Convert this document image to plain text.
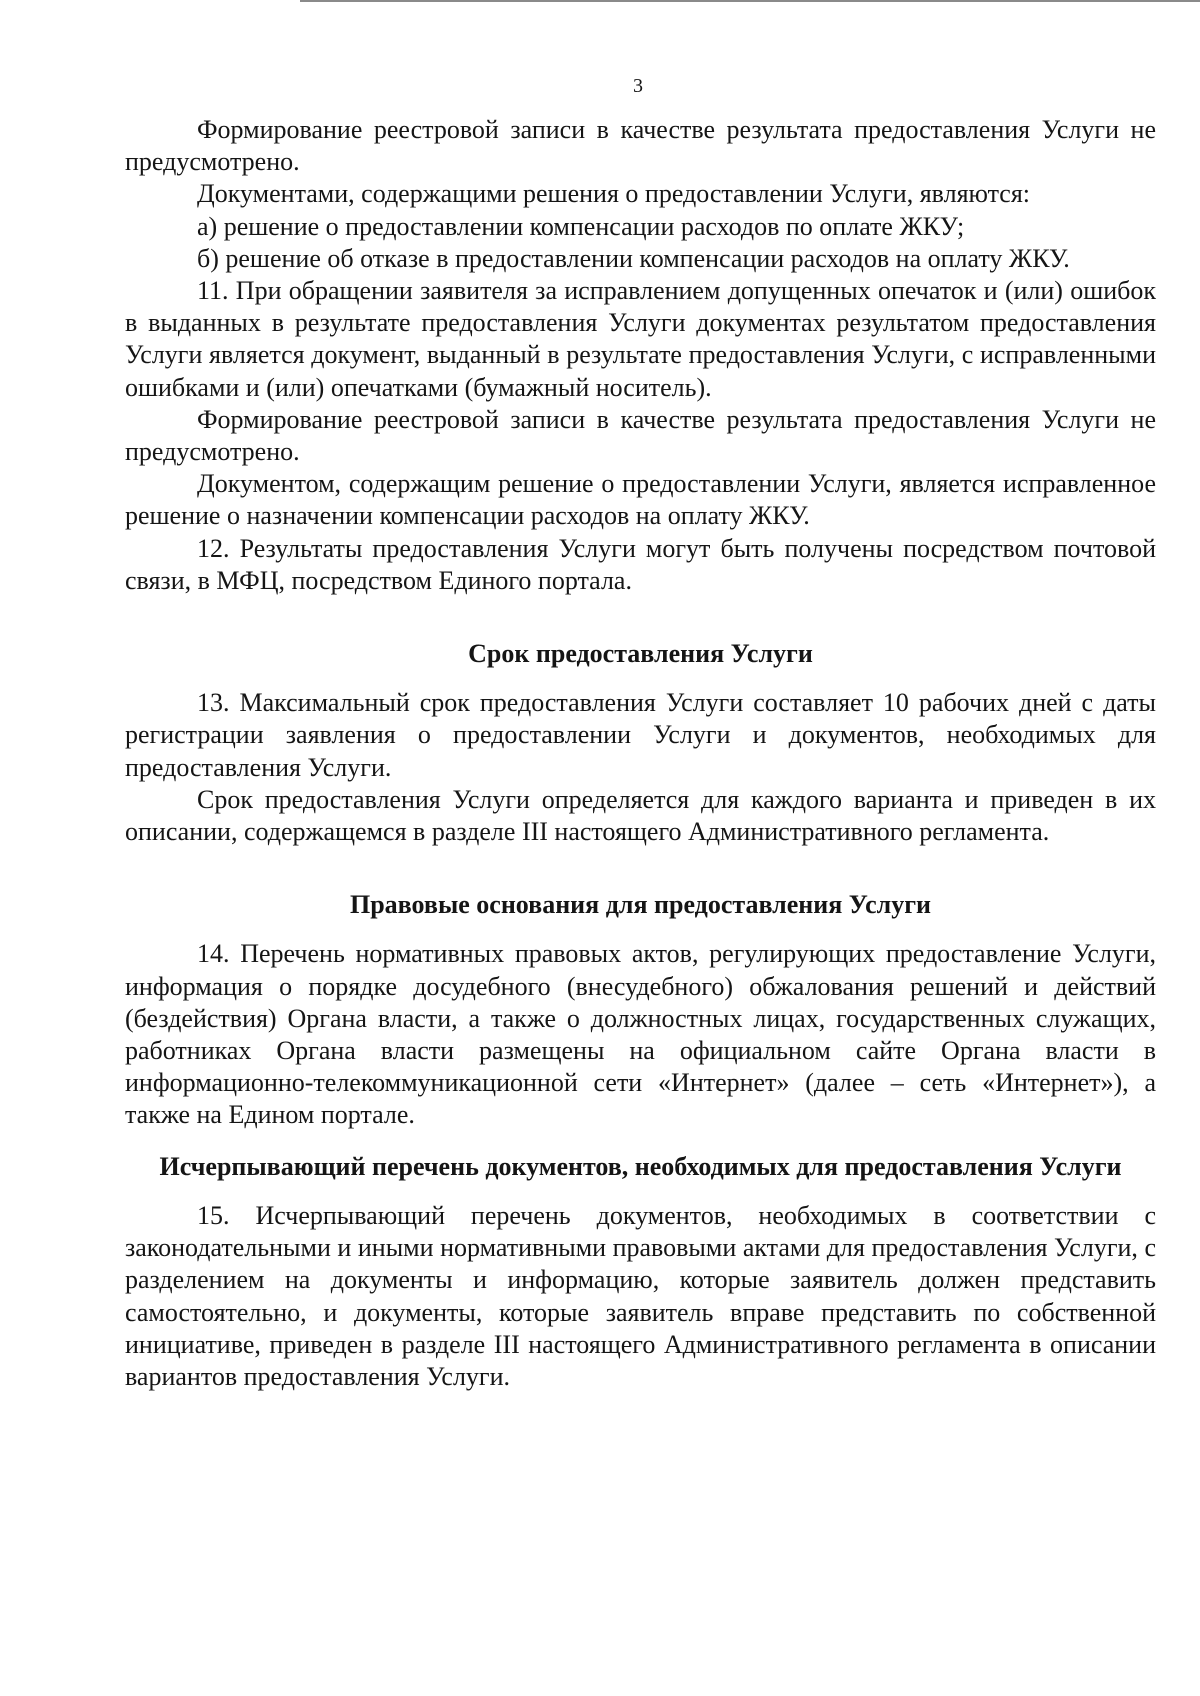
3

Формирование реестровой записи в качестве результата предоставления Услуги не предусмотрено.

Документами, содержащими решения о предоставлении Услуги, являются:

а) решение о предоставлении компенсации расходов по оплате ЖКУ;

б) решение об отказе в предоставлении компенсации расходов на оплату ЖКУ.

11. При обращении заявителя за исправлением допущенных опечаток и (или) ошибок в выданных в результате предоставления Услуги документах результатом предоставления Услуги является документ, выданный в результате предоставления Услуги, с исправленными ошибками и (или) опечатками (бумажный носитель).

Формирование реестровой записи в качестве результата предоставления Услуги не предусмотрено.

Документом, содержащим решение о предоставлении Услуги, является исправленное решение о назначении компенсации расходов на оплату ЖКУ.

12. Результаты предоставления Услуги могут быть получены посредством почтовой связи, в МФЦ, посредством Единого портала.

Срок предоставления Услуги

13. Максимальный срок предоставления Услуги составляет 10 рабочих дней с даты регистрации заявления о предоставлении Услуги и документов, необходимых для предоставления Услуги.

Срок предоставления Услуги определяется для каждого варианта и приведен в их описании, содержащемся в разделе III настоящего Административного регламента.

Правовые основания для предоставления Услуги

14. Перечень нормативных правовых актов, регулирующих предоставление Услуги, информация о порядке досудебного (внесудебного) обжалования решений и действий (бездействия) Органа власти, а также о должностных лицах, государственных служащих, работниках Органа власти размещены на официальном сайте Органа власти в информационно-телекоммуникационной сети «Интернет» (далее – сеть «Интернет»), а также на Едином портале.

Исчерпывающий перечень документов, необходимых для предоставления Услуги

15. Исчерпывающий перечень документов, необходимых в соответствии с законодательными и иными нормативными правовыми актами для предоставления Услуги, с разделением на документы и информацию, которые заявитель должен представить самостоятельно, и документы, которые заявитель вправе представить по собственной инициативе, приведен в разделе III настоящего Административного регламента в описании вариантов предоставления Услуги.
